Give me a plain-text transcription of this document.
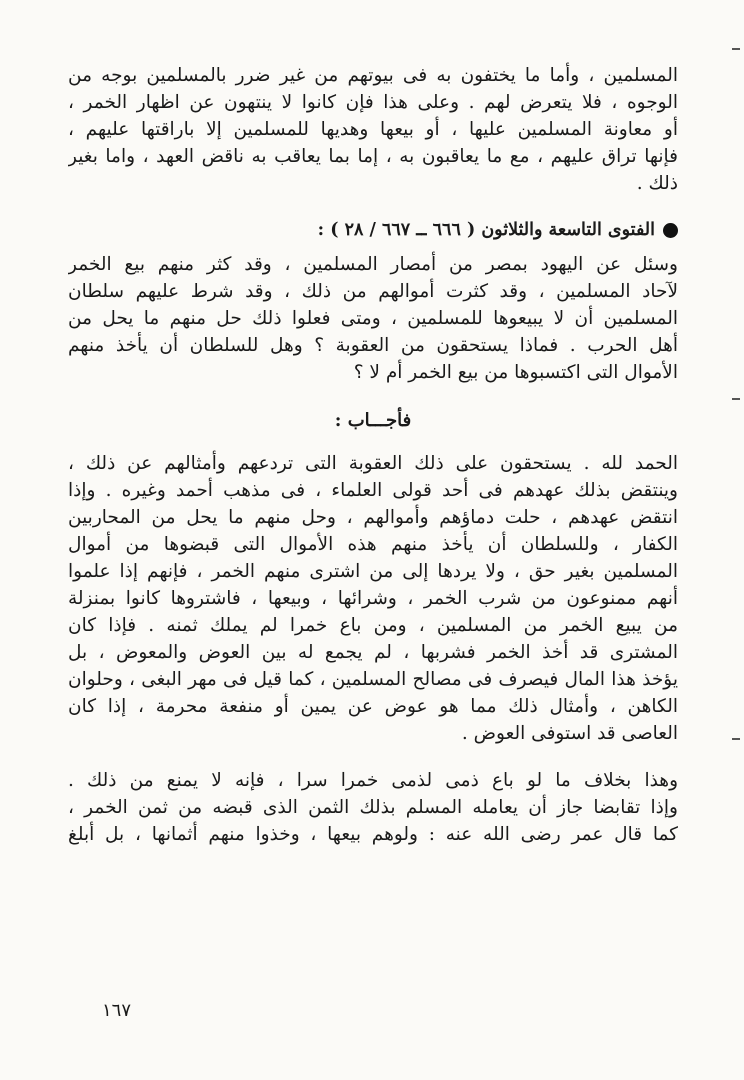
المسلمين ، وأما ما يختفون به فى بيوتهم من غير ضرر بالمسلمين بوجه من
الوجوه ، فلا يتعرض لهم . وعلى هذا فإن كانوا لا ينتهون عن اظهار الخمر ،
أو معاونة المسلمين عليها ، أو بيعها وهديها للمسلمين إلا باراقتها عليهم ،
فإنها تراق عليهم ، مع ما يعاقبون به ، إما بما يعاقب به ناقض العهد ، واما بغير
ذلك .
الفتوى التاسعة والثلاثون ( ٦٦٦ ــ ٦٦٧ / ٢٨ ) :
وسئل عن اليهود بمصر من أمصار المسلمين ، وقد كثر منهم بيع الخمر
لآحاد المسلمين ، وقد كثرت أموالهم من ذلك ، وقد شرط عليهم سلطان
المسلمين أن لا يبيعوها للمسلمين ، ومتى فعلوا ذلك حل منهم ما يحل من
أهل الحرب . فماذا يستحقون من العقوبة ؟ وهل للسلطان أن يأخذ منهم
الأموال التى اكتسبوها من بيع الخمر أم لا ؟
فأجـــاب :
الحمد لله . يستحقون على ذلك العقوبة التى تردعهم وأمثالهم عن ذلك ،
وينتقض بذلك عهدهم فى أحد قولى العلماء ، فى مذهب أحمد وغيره . وإذا
انتقض عهدهم ، حلت دماؤهم وأموالهم ، وحل منهم ما يحل من المحاربين
الكفار ، وللسلطان أن يأخذ منهم هذه الأموال التى قبضوها من أموال
المسلمين بغير حق ، ولا يردها إلى من اشترى منهم الخمر ، فإنهم إذا علموا
أنهم ممنوعون من شرب الخمر ، وشرائها ، وبيعها ، فاشتروها كانوا بمنزلة
من يبيع الخمر من المسلمين ، ومن باع خمرا لم يملك ثمنه . فإذا كان
المشترى قد أخذ الخمر فشربها ، لم يجمع له بين العوض والمعوض ، بل
يؤخذ هذا المال فيصرف فى مصالح المسلمين ، كما قيل فى مهر البغى ، وحلوان
الكاهن ، وأمثال ذلك مما هو عوض عن يمين أو منفعة محرمة ، إذا كان
العاصى قد استوفى العوض .
وهذا بخلاف ما لو باع ذمى لذمى خمرا سرا ، فإنه لا يمنع من ذلك .
وإذا تقابضا جاز أن يعامله المسلم بذلك الثمن الذى قبضه من ثمن الخمر ،
كما قال عمر رضى الله عنه : ولوهم بيعها ، وخذوا منهم أثمانها ، بل أبلغ
١٦٧
